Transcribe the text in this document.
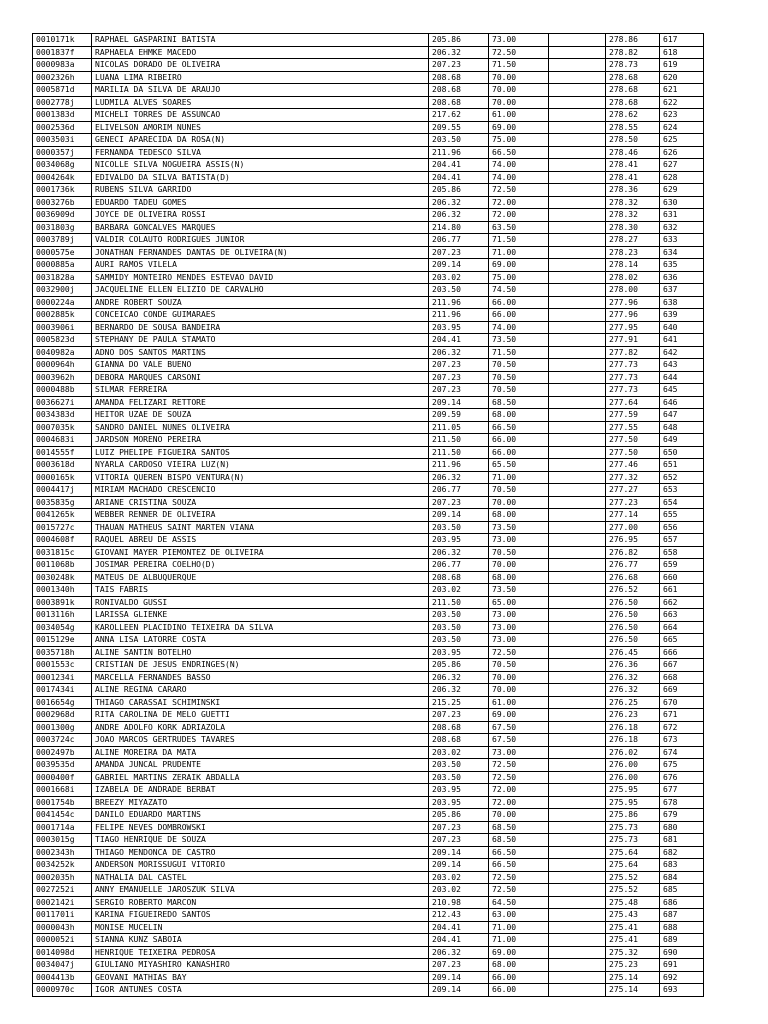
0010171k	RAPHAEL GASPARINI BATISTA	205.86	73.00		278.86	617
0001837f	RAPHAELA EHMKE MACEDO	206.32	72.50		278.82	618
0000983a	NICOLAS DORADO DE OLIVEIRA	207.23	71.50		278.73	619
0002326h	LUANA LIMA RIBEIRO	208.68	70.00		278.68	620
0005871d	MARILIA DA SILVA DE ARAUJO	208.68	70.00		278.68	621
0002778j	LUDMILA ALVES SOARES	208.68	70.00		278.68	622
0001383d	MICHELI TORRES DE ASSUNCAO	217.62	61.00		278.62	623
0002536d	ELIVELSON AMORIM NUNES	209.55	69.00		278.55	624
0003503i	GENECI APARECIDA DA ROSA(N)	203.50	75.00		278.50	625
0000357j	FERNANDA TEDESCO SILVA	211.96	66.50		278.46	626
0034068g	NICOLLE SILVA NOGUEIRA ASSIS(N)	204.41	74.00		278.41	627
0004264k	EDIVALDO DA SILVA BATISTA(D)	204.41	74.00		278.41	628
0001736k	RUBENS SILVA GARRIDO	205.86	72.50		278.36	629
0003276b	EDUARDO TADEU GOMES	206.32	72.00		278.32	630
0036909d	JOYCE DE OLIVEIRA ROSSI	206.32	72.00		278.32	631
0031803g	BARBARA GONCALVES MARQUES	214.80	63.50		278.30	632
0003789j	VALDIR COLAUTO RODRIGUES JUNIOR	206.77	71.50		278.27	633
0000575e	JONATHAN FERNANDES DANTAS DE OLIVEIRA(N)	207.23	71.00		278.23	634
0000885a	AURI RAMOS VILELA	209.14	69.00		278.14	635
0031828a	SAMMIDY MONTEIRO MENDES ESTEVAO DAVID	203.02	75.00		278.02	636
0032900j	JACQUELINE ELLEN ELIZIO DE CARVALHO	203.50	74.50		278.00	637
0000224a	ANDRE ROBERT SOUZA	211.96	66.00		277.96	638
0002885k	CONCEICAO CONDE GUIMARAES	211.96	66.00		277.96	639
0003906i	BERNARDO DE SOUSA BANDEIRA	203.95	74.00		277.95	640
0005823d	STEPHANY DE PAULA STAMATO	204.41	73.50		277.91	641
0040982a	ADNO DOS SANTOS MARTINS	206.32	71.50		277.82	642
0000964h	GIANNA DO VALE BUENO	207.23	70.50		277.73	643
0003962h	DEBORA MARQUES CARSONI	207.23	70.50		277.73	644
0000488b	SILMAR FERREIRA	207.23	70.50		277.73	645
0036627i	AMANDA FELIZARI RETTORE	209.14	68.50		277.64	646
0034383d	HEITOR UZAE DE SOUZA	209.59	68.00		277.59	647
0007035k	SANDRO DANIEL NUNES OLIVEIRA	211.05	66.50		277.55	648
0004683i	JARDSON MORENO PEREIRA	211.50	66.00		277.50	649
0014555f	LUIZ PHELIPE FIGUEIRA SANTOS	211.50	66.00		277.50	650
0003618d	NYARLA CARDOSO VIEIRA LUZ(N)	211.96	65.50		277.46	651
0000165k	VITORIA QUEREN BISPO VENTURA(N)	206.32	71.00		277.32	652
0004417j	MIRIAM MACHADO CRESCENCIO	206.77	70.50		277.27	653
0035835g	ARIANE CRISTINA SOUZA	207.23	70.00		277.23	654
0041265k	WEBBER RENNER DE OLIVEIRA	209.14	68.00		277.14	655
0015727c	THAUAN MATHEUS SAINT MARTEN VIANA	203.50	73.50		277.00	656
0004608f	RAQUEL ABREU DE ASSIS	203.95	73.00		276.95	657
0031815c	GIOVANI MAYER PIEMONTEZ DE OLIVEIRA	206.32	70.50		276.82	658
0011068b	JOSIMAR PEREIRA COELHO(D)	206.77	70.00		276.77	659
0030248k	MATEUS DE ALBUQUERQUE	208.68	68.00		276.68	660
0001340h	TAIS FABRIS	203.02	73.50		276.52	661
0003891k	RONIVALDO GUSSI	211.50	65.00		276.50	662
0013116h	LARISSA GLIENKE	203.50	73.00		276.50	663
0034054g	KAROLLEEN PLACIDINO TEIXEIRA DA SILVA	203.50	73.00		276.50	664
0015129e	ANNA LISA LATORRE COSTA	203.50	73.00		276.50	665
0035718h	ALINE SANTIN BOTELHO	203.95	72.50		276.45	666
0001553c	CRISTIAN DE JESUS ENDRINGES(N)	205.86	70.50		276.36	667
0001234i	MARCELLA FERNANDES BASSO	206.32	70.00		276.32	668
0017434i	ALINE REGINA CARARO	206.32	70.00		276.32	669
0016654g	THIAGO CARASSAI SCHIMINSKI	215.25	61.00		276.25	670
0002968d	RITA CAROLINA DE MELO GUETTI	207.23	69.00		276.23	671
0001300g	ANDRE ADOLFO KORK ADRIAZOLA	208.68	67.50		276.18	672
0003724c	JOAO MARCOS GERTRUDES TAVARES	208.68	67.50		276.18	673
0002497b	ALINE MOREIRA DA MATA	203.02	73.00		276.02	674
0039535d	AMANDA JUNCAL PRUDENTE	203.50	72.50		276.00	675
0000400f	GABRIEL MARTINS ZERAIK ABDALLA	203.50	72.50		276.00	676
0001668i	IZABELA DE ANDRADE BERBAT	203.95	72.00		275.95	677
0001754b	BREEZY MIYAZATO	203.95	72.00		275.95	678
0041454c	DANILO EDUARDO MARTINS	205.86	70.00		275.86	679
0001714a	FELIPE NEVES DOMBROWSKI	207.23	68.50		275.73	680
0003015g	TIAGO HENRIQUE DE SOUZA	207.23	68.50		275.73	681
0002343h	THIAGO MENDONCA DE CASTRO	209.14	66.50		275.64	682
0034252k	ANDERSON MORISSUGUI VITORIO	209.14	66.50		275.64	683
0002035h	NATHALIA DAL CASTEL	203.02	72.50		275.52	684
0027252i	ANNY EMANUELLE JAROSZUK SILVA	203.02	72.50		275.52	685
0002142i	SERGIO ROBERTO MARCON	210.98	64.50		275.48	686
0011701i	KARINA FIGUEIREDO SANTOS	212.43	63.00		275.43	687
0000043h	MONISE MUCELIN	204.41	71.00		275.41	688
0000052i	SIANNA KUNZ SABOIA	204.41	71.00		275.41	689
0014098d	HENRIQUE TEIXEIRA PEDROSA	206.32	69.00		275.32	690
0034047j	GIULIANO MIYASHIRO KANASHIRO	207.23	68.00		275.23	691
0004413b	GEOVANI MATHIAS BAY	209.14	66.00		275.14	692
0000970c	IGOR ANTUNES COSTA	209.14	66.00		275.14	693
